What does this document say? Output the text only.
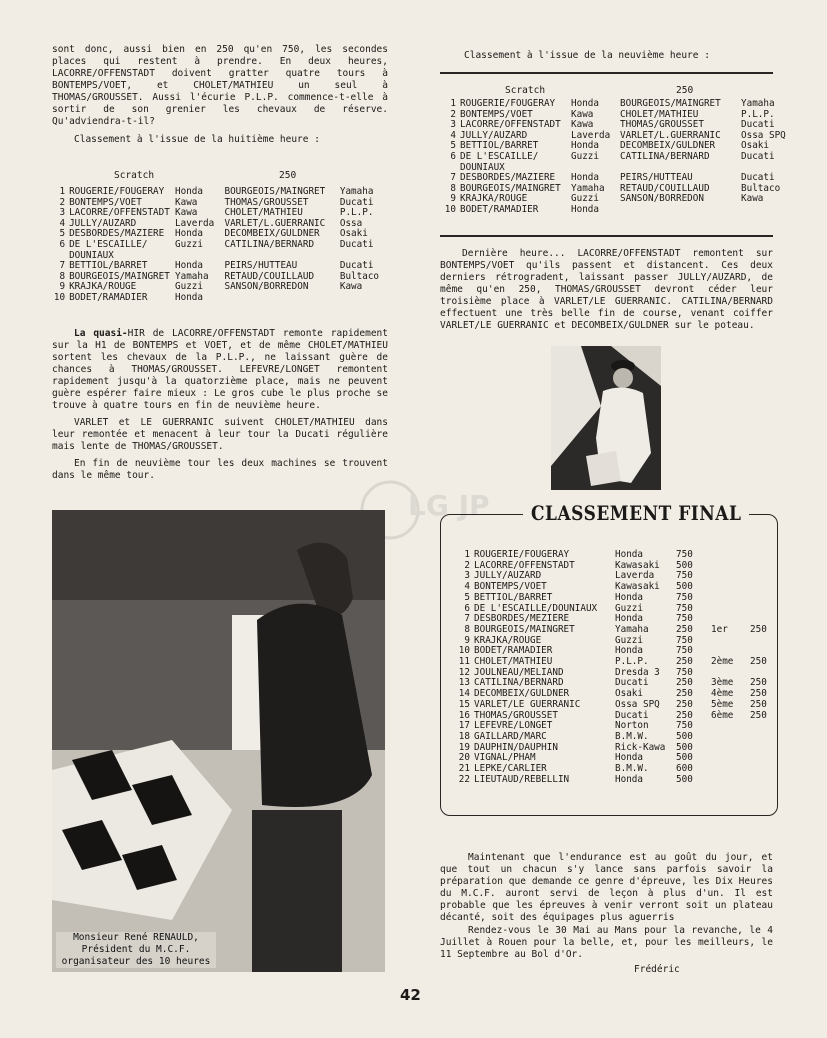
sont donc, aussi bien en 250 qu'en 750, les secondes places qui restent à prendre. En deux heures, LACORRE/OFFENSTADT doivent gratter quatre tours à BONTEMPS/VOET, et CHOLET/MATHIEU un seul à THOMAS/GROUSSET. Aussi l'écurie P.L.P. commence-t-elle à sortir de son grenier les chevaux de réserve. Qu'adviendra-t-il?

Classement à l'issue de la huitième heure :

Scratch	250
1	ROUGERIE/FOUGERAY	Honda	BOURGEOIS/MAINGRET	Yamaha
2	BONTEMPS/VOET	Kawa	THOMAS/GROUSSET	Ducati
3	LACORRE/OFFENSTADT	Kawa	CHOLET/MATHIEU	P.L.P.
4	JULLY/AUZARD	Laverda	VARLET/L.GUERRANIC	Ossa
5	DESBORDES/MAZIERE	Honda	DECOMBEIX/GULDNER	Osaki
6	DE L'ESCAILLE/ DOUNIAUX	Guzzi	CATILINA/BERNARD	Ducati
7	BETTIOL/BARRET	Honda	PEIRS/HUTTEAU	Ducati
8	BOURGEOIS/MAINGRET	Yamaha	RETAUD/COUILLAUD	Bultaco
9	KRAJKA/ROUGE	Guzzi	SANSON/BORREDON	Kawa
10	BODET/RAMADIER	Honda		

La quasi-HIR de LACORRE/OFFENSTADT remonte rapidement sur la H1 de BONTEMPS et VOET, et de même CHOLET/MATHIEU sortent les chevaux de la P.L.P., ne laissant guère de chances à THOMAS/GROUSSET. LEFEVRE/LONGET remontent rapidement jusqu'à la quatorzième place, mais ne peuvent guère espérer faire mieux : Le gros cube le plus proche se trouve à quatre tours en fin de neuvième heure.

VARLET et LE GUERRANIC suivent CHOLET/MATHIEU dans leur remontée et menacent à leur tour la Ducati régulière mais lente de THOMAS/GROUSSET.

En fin de neuvième tour les deux machines se trouvent dans le même tour.

LG JP
Monsieur René RENAULD,
Président du M.C.F.
organisateur des 10 heures

Classement à l'issue de la neuvième heure :

Scratch	250
1	ROUGERIE/FOUGERAY	Honda	BOURGEOIS/MAINGRET	Yamaha
2	BONTEMPS/VOET	Kawa	CHOLET/MATHIEU	P.L.P.
3	LACORRE/OFFENSTADT	Kawa	THOMAS/GROUSSET	Ducati
4	JULLY/AUZARD	Laverda	VARLET/L.GUERRANIC	Ossa SPQ
5	BETTIOL/BARRET	Honda	DECOMBEIX/GULDNER	Osaki
6	DE L'ESCAILLE/ DOUNIAUX	Guzzi	CATILINA/BERNARD	Ducati
7	DESBORDES/MAZIERE	Honda	PEIRS/HUTTEAU	Ducati
8	BOURGEOIS/MAINGRET	Yamaha	RETAUD/COUILLAUD	Bultaco
9	KRAJKA/ROUGE	Guzzi	SANSON/BORREDON	Kawa
10	BODET/RAMADIER	Honda		

Dernière heure... LACORRE/OFFENSTADT remontent sur BONTEMPS/VOET qu'ils passent et distancent. Ces deux derniers rétrogradent, laissant passer JULLY/AUZARD, de même qu'en 250, THOMAS/GROUSSET devront céder leur troisième place à VARLET/LE GUERRANIC. CATILINA/BERNARD effectuent une très belle fin de course, venant coiffer VARLET/LE GUERRANIC et DECOMBEIX/GULDNER sur le poteau.

CLASSEMENT FINAL
1	ROUGERIE/FOUGERAY	Honda	750		
2	LACORRE/OFFENSTADT	Kawasaki	500		
3	JULLY/AUZARD	Laverda	750		
4	BONTEMPS/VOET	Kawasaki	500		
5	BETTIOL/BARRET	Honda	750		
6	DE L'ESCAILLE/DOUNIAUX	Guzzi	750		
7	DESBORDES/MEZIERE	Honda	750		
8	BOURGEOIS/MAINGRET	Yamaha	250	1er	250
9	KRAJKA/ROUGE	Guzzi	750		
10	BODET/RAMADIER	Honda	750		
11	CHOLET/MATHIEU	P.L.P.	250	2ème	250
12	JOULNEAU/MELIAND	Dresda 3	750		
13	CATILINA/BERNARD	Ducati	250	3ème	250
14	DECOMBEIX/GULDNER	Osaki	250	4ème	250
15	VARLET/LE GUERRANIC	Ossa SPQ	250	5ème	250
16	THOMAS/GROUSSET	Ducati	250	6ème	250
17	LEFEVRE/LONGET	Norton	750		
18	GAILLARD/MARC	B.M.W.	500		
19	DAUPHIN/DAUPHIN	Rick-Kawa	500		
20	VIGNAL/PHAM	Honda	500		
21	LEPKE/CARLIER	B.M.W.	600		
22	LIEUTAUD/REBELLIN	Honda	500		

Maintenant que l'endurance est au goût du jour, et que tout un chacun s'y lance sans parfois savoir la préparation que demande ce genre d'épreuve, les Dix Heures du M.C.F. auront servi de leçon à plus d'un. Il est probable que les épreuves à venir verront soit un plateau décanté, soit des équipages plus aguerris

Rendez-vous le 30 Mai au Mans pour la revanche, le 4 Juillet à Rouen pour la belle, et, pour les meilleurs, le 11 Septembre au Bol d'Or.

Frédéric
42
